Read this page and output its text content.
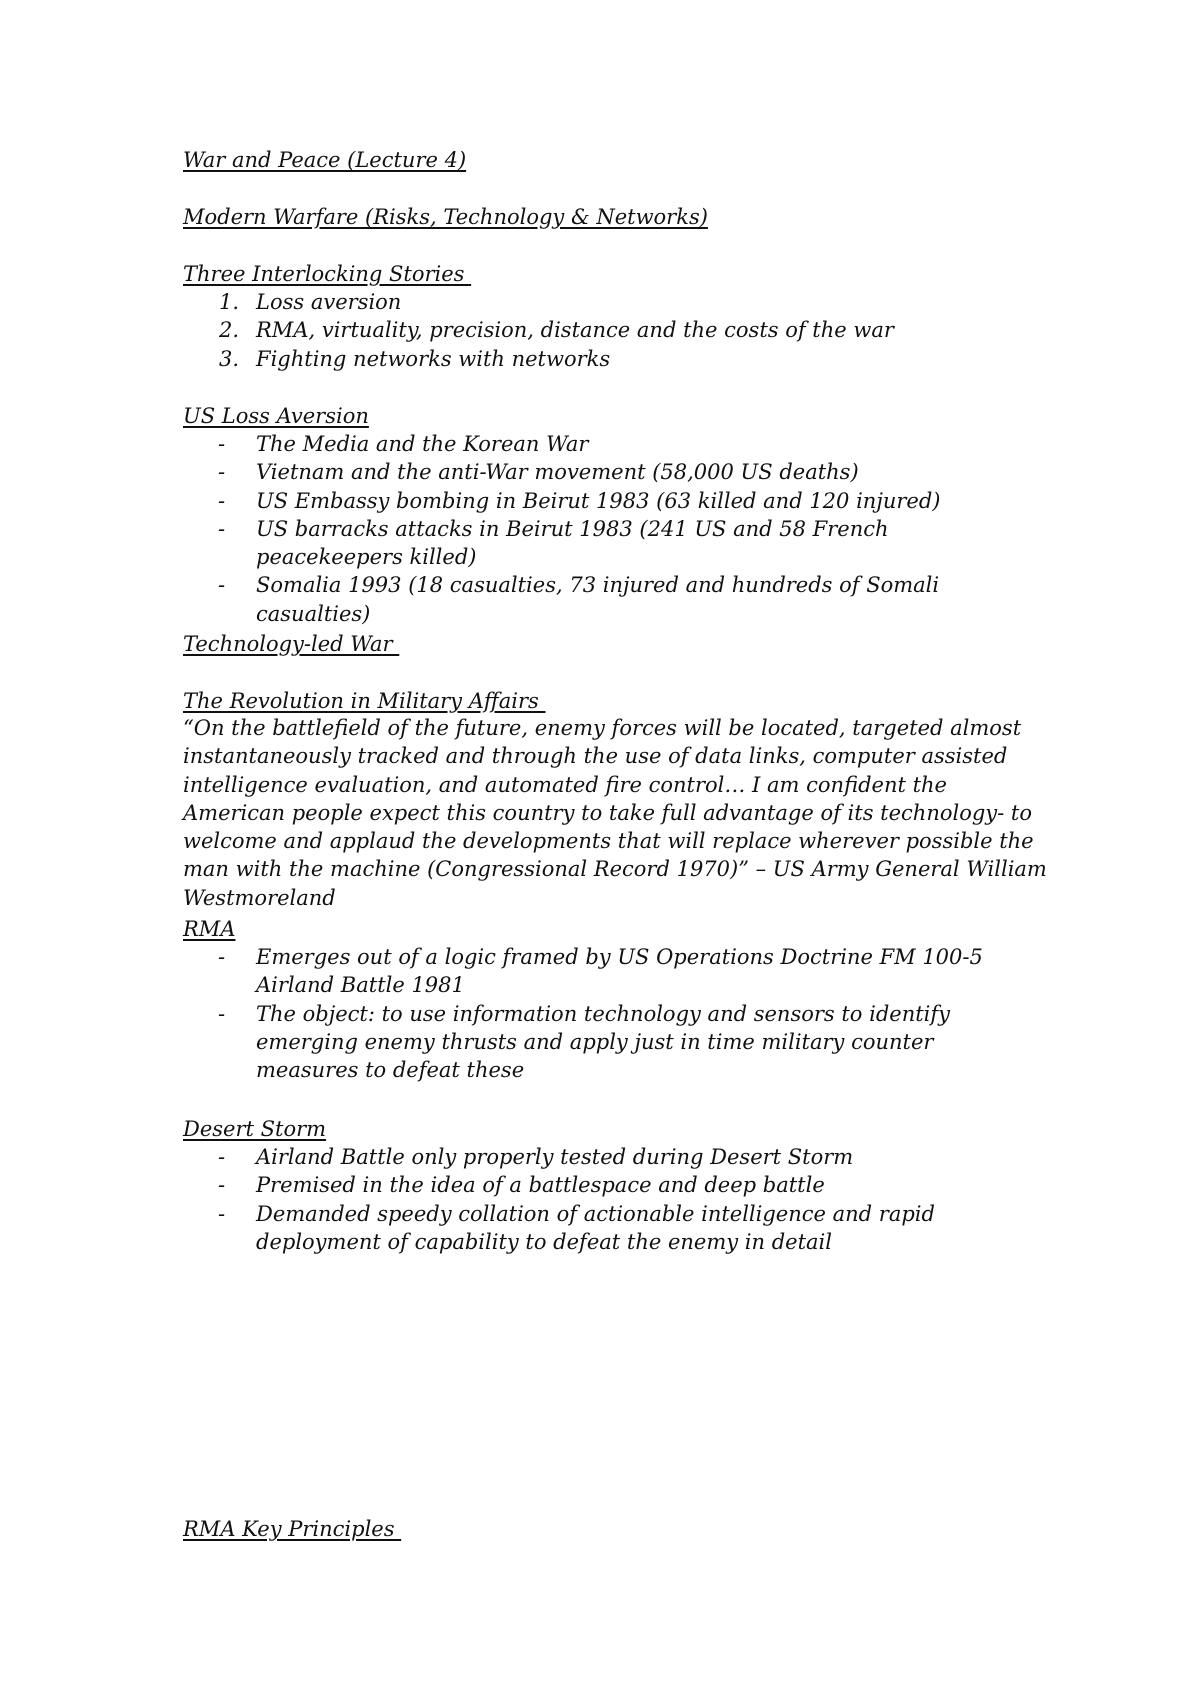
War and Peace (Lecture 4)
Modern Warfare (Risks, Technology & Networks)
Three Interlocking Stories
1. Loss aversion
2. RMA, virtuality, precision, distance and the costs of the war
3. Fighting networks with networks
US Loss Aversion
- The Media and the Korean War
- Vietnam and the anti-War movement (58,000 US deaths)
- US Embassy bombing in Beirut 1983 (63 killed and 120 injured)
- US barracks attacks in Beirut 1983 (241 US and 58 French peacekeepers killed)
- Somalia 1993 (18 casualties, 73 injured and hundreds of Somali casualties)
Technology-led War
The Revolution in Military Affairs

“On the battlefield of the future, enemy forces will be located, targeted almost instantaneously tracked and through the use of data links, computer assisted intelligence evaluation, and automated fire control… I am confident the American people expect this country to take full advantage of its technology- to welcome and applaud the developments that will replace wherever possible the man with the machine (Congressional Record 1970)” – US Army General William Westmoreland

RMA
- Emerges out of a logic framed by US Operations Doctrine FM 100-5 Airland Battle 1981
- The object: to use information technology and sensors to identify emerging enemy thrusts and apply just in time military counter measures to defeat these
Desert Storm
- Airland Battle only properly tested during Desert Storm
- Premised in the idea of a battlespace and deep battle
- Demanded speedy collation of actionable intelligence and rapid deployment of capability to defeat the enemy in detail
RMA Key Principles
